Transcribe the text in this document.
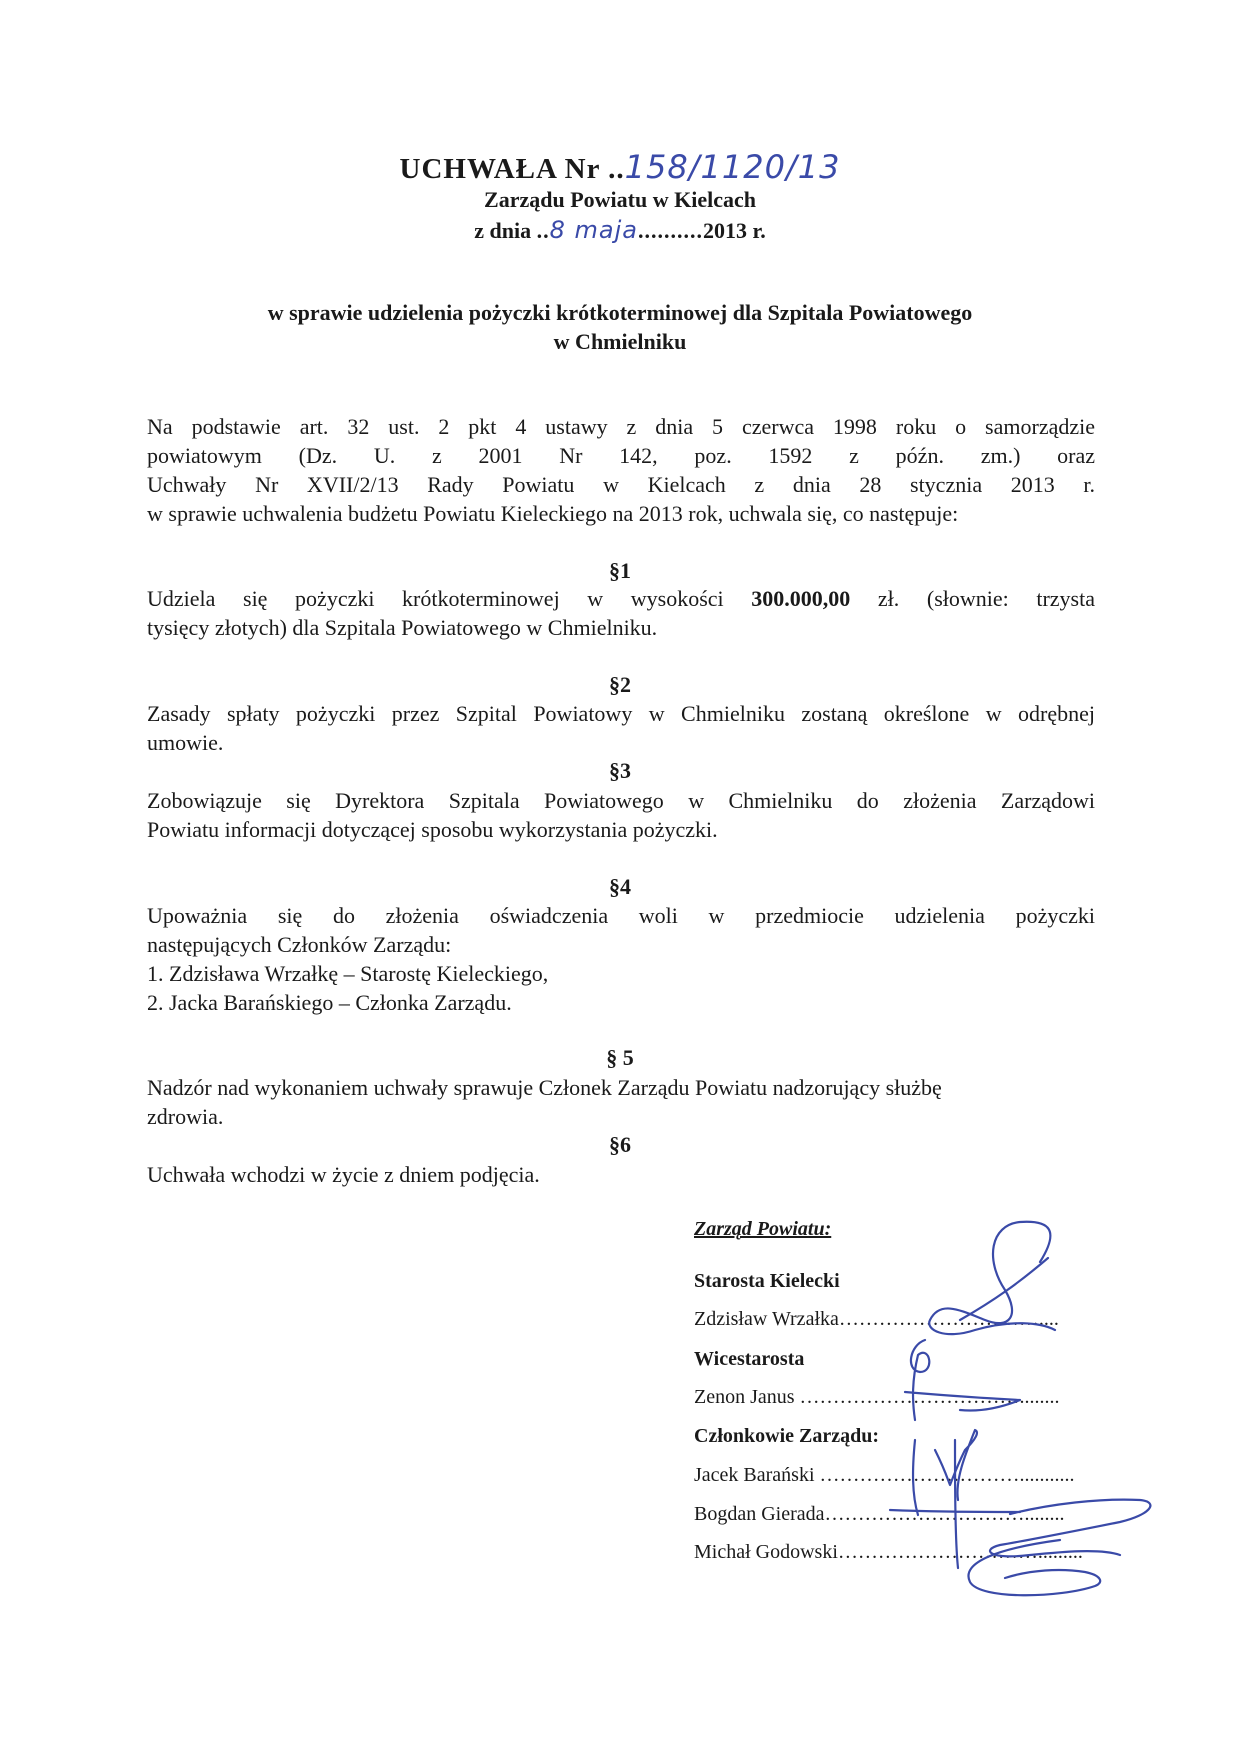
UCHWAŁA Nr ..158/1120/13
Zarządu Powiatu w Kielcach
z dnia ..8 maja..........2013 r.
w sprawie udzielenia pożyczki krótkoterminowej dla Szpitala Powiatowego
w Chmielniku
Na podstawie art. 32 ust. 2 pkt 4 ustawy z dnia 5 czerwca 1998 roku o samorządzie
powiatowym (Dz. U. z 2001 Nr 142, poz. 1592 z późn. zm.) oraz
Uchwały Nr XVII/2/13 Rady Powiatu w Kielcach z dnia 28 stycznia 2013 r.
w sprawie uchwalenia budżetu Powiatu Kieleckiego na 2013 rok, uchwala się, co następuje:
§1
Udziela się pożyczki krótkoterminowej w wysokości 300.000,00 zł. (słownie: trzysta
tysięcy złotych) dla Szpitala Powiatowego w Chmielniku.
§2
Zasady spłaty pożyczki przez Szpital Powiatowy w Chmielniku zostaną określone w odrębnej
umowie.
§3
Zobowiązuje się Dyrektora Szpitala Powiatowego w Chmielniku do złożenia Zarządowi
Powiatu informacji dotyczącej sposobu wykorzystania pożyczki.
§4
Upoważnia się do złożenia oświadczenia woli w przedmiocie udzielenia pożyczki
następujących Członków Zarządu:
1. Zdzisława Wrzałkę – Starostę Kieleckiego,
2. Jacka Barańskiego – Członka Zarządu.
§ 5
Nadzór nad wykonaniem uchwały sprawuje Członek Zarządu Powiatu nadzorujący służbę
zdrowia.
§6
Uchwała wchodzi w życie z dniem podjęcia.
Zarząd Powiatu:
Starosta Kielecki
Zdzisław Wrzałka…………………………....
Wicestarosta
Zenon Janus ……………………………........
Członkowie Zarządu:
Jacek Barański …………………………...........
Bogdan Gierada…………………………........
Michał Godowski………………………….........
